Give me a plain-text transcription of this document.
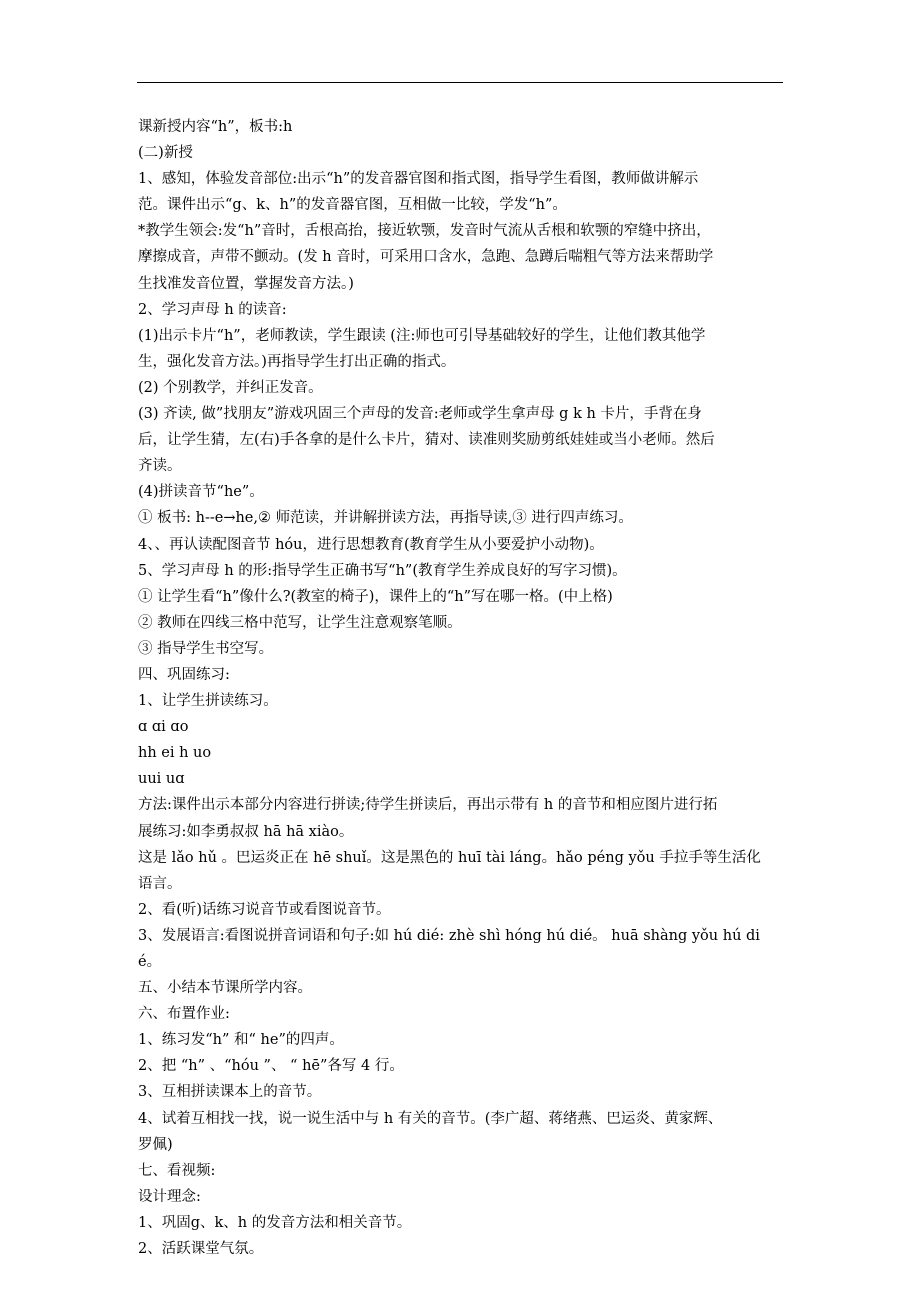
课新授内容“h”，板书:h
(二)新授
1、感知，体验发音部位:出示“h”的发音器官图和指式图，指导学生看图，教师做讲解示
范。课件出示“g、k、h”的发音器官图，互相做一比较，学发“h”。
*教学生领会:发“h”音时，舌根高抬，接近软颚，发音时气流从舌根和软颚的窄缝中挤出，
摩擦成音，声带不颤动。(发 h 音时，可采用口含水，急跑、急蹲后喘粗气等方法来帮助学
生找准发音位置，掌握发音方法。)
2、学习声母 h 的读音:
(1)出示卡片“h”，老师教读，学生跟读 (注:师也可引导基础较好的学生，让他们教其他学
生，强化发音方法。)再指导学生打出正确的指式。
(2) 个别教学，并纠正发音。
(3) 齐读, 做”找朋友”游戏巩固三个声母的发音:老师或学生拿声母 g k h 卡片，手背在身
后，让学生猜，左(右)手各拿的是什么卡片，猜对、读准则奖励剪纸娃娃或当小老师。然后
齐读。
(4)拼读音节“he”。
① 板书: h--e→he,② 师范读，并讲解拼读方法，再指导读,③ 进行四声练习。
4、、再认读配图音节 hóu，进行思想教育(教育学生从小要爱护小动物)。
5、学习声母 h 的形:指导学生正确书写“h”(教育学生养成良好的写字习惯)。
① 让学生看“h”像什么?(教室的椅子)，课件上的“h”写在哪一格。(中上格)
② 教师在四线三格中范写，让学生注意观察笔顺。
③ 指导学生书空写。
四、巩固练习:
1、让学生拼读练习。
ɑ ɑi ɑo
hh ei h uo
uui uɑ
方法:课件出示本部分内容进行拼读;待学生拼读后，再出示带有 h 的音节和相应图片进行拓
展练习:如李勇叔叔 hā hā xiào。
这是 lǎo hǔ 。巴运炎正在 hē shuǐ。这是黑色的 huī tài láng。hǎo péng yǒu 手拉手等生活化
语言。
2、看(听)话练习说音节或看图说音节。
3、发展语言:看图说拼音词语和句子:如 hú dié: zhè shì hóng hú dié。 huā shàng yǒu hú di
é。
五、小结本节课所学内容。
六、布置作业:
1、练习发“h” 和“ he”的四声。
2、把 “h” 、“hóu ”、 “ hē”各写 4 行。
3、互相拼读课本上的音节。
4、试着互相找一找，说一说生活中与 h 有关的音节。(李广超、蒋绪燕、巴运炎、黄家辉、
罗佩)
七、看视频:
设计理念:
1、巩固g、k、h 的发音方法和相关音节。
2、活跃课堂气氛。
